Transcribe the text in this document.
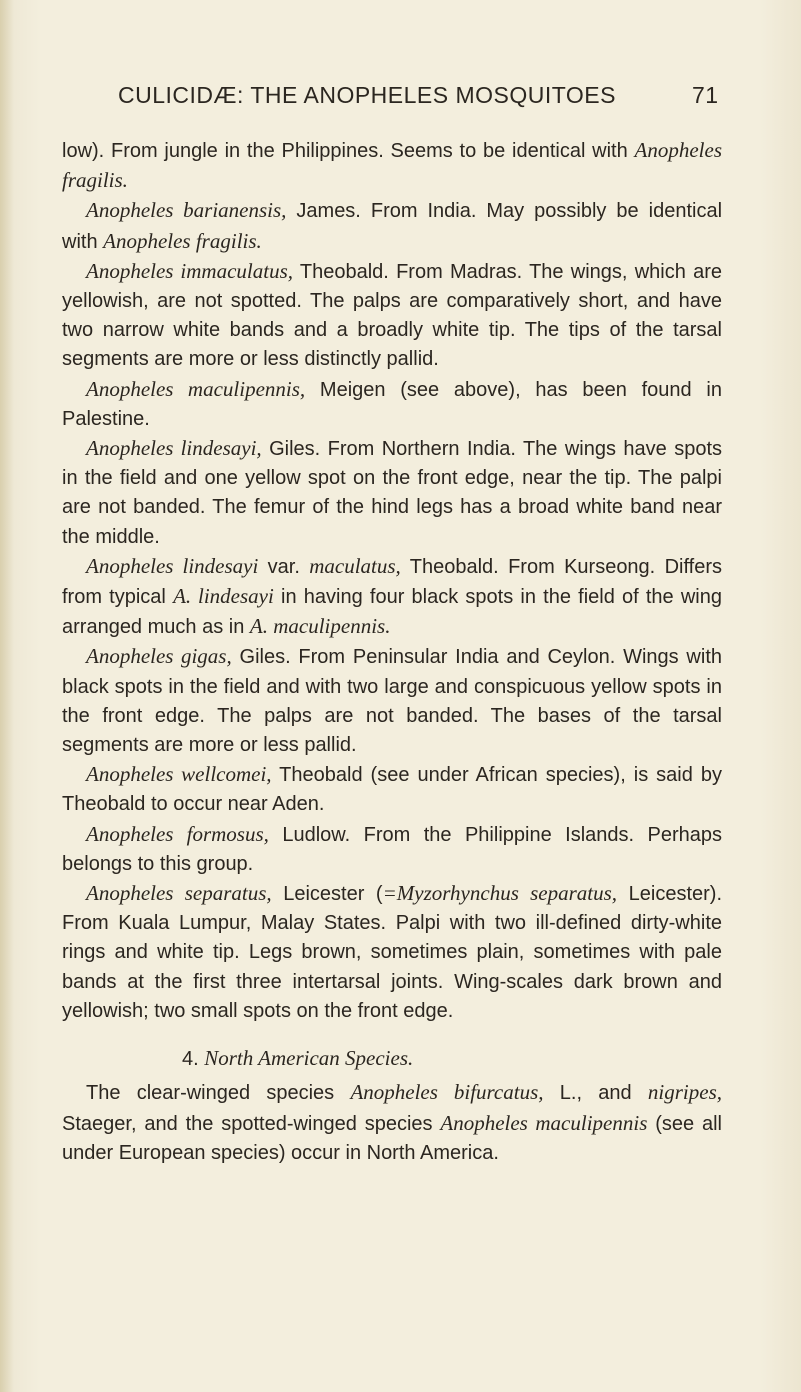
CULICIDÆ: THE ANOPHELES MOSQUITOES	71

low). From jungle in the Philippines. Seems to be identical with Anopheles fragilis.

Anopheles barianensis, James. From India. May possibly be identical with Anopheles fragilis.

Anopheles immaculatus, Theobald. From Madras. The wings, which are yellowish, are not spotted. The palps are comparatively short, and have two narrow white bands and a broadly white tip. The tips of the tarsal segments are more or less distinctly pallid.

Anopheles maculipennis, Meigen (see above), has been found in Palestine.

Anopheles lindesayi, Giles. From Northern India. The wings have spots in the field and one yellow spot on the front edge, near the tip. The palpi are not banded. The femur of the hind legs has a broad white band near the middle.

Anopheles lindesayi var. maculatus, Theobald. From Kurseong. Differs from typical A. lindesayi in having four black spots in the field of the wing arranged much as in A. maculipennis.

Anopheles gigas, Giles. From Peninsular India and Ceylon. Wings with black spots in the field and with two large and conspicuous yellow spots in the front edge. The palps are not banded. The bases of the tarsal segments are more or less pallid.

Anopheles wellcomei, Theobald (see under African species), is said by Theobald to occur near Aden.

Anopheles formosus, Ludlow. From the Philippine Islands. Perhaps belongs to this group.

Anopheles separatus, Leicester (=Myzorhynchus separatus, Leicester). From Kuala Lumpur, Malay States. Palpi with two ill-defined dirty-white rings and white tip. Legs brown, sometimes plain, sometimes with pale bands at the first three intertarsal joints. Wing-scales dark brown and yellowish; two small spots on the front edge.

4. North American Species.

The clear-winged species Anopheles bifurcatus, L., and nigripes, Staeger, and the spotted-winged species Anopheles maculipennis (see all under European species) occur in North America.
